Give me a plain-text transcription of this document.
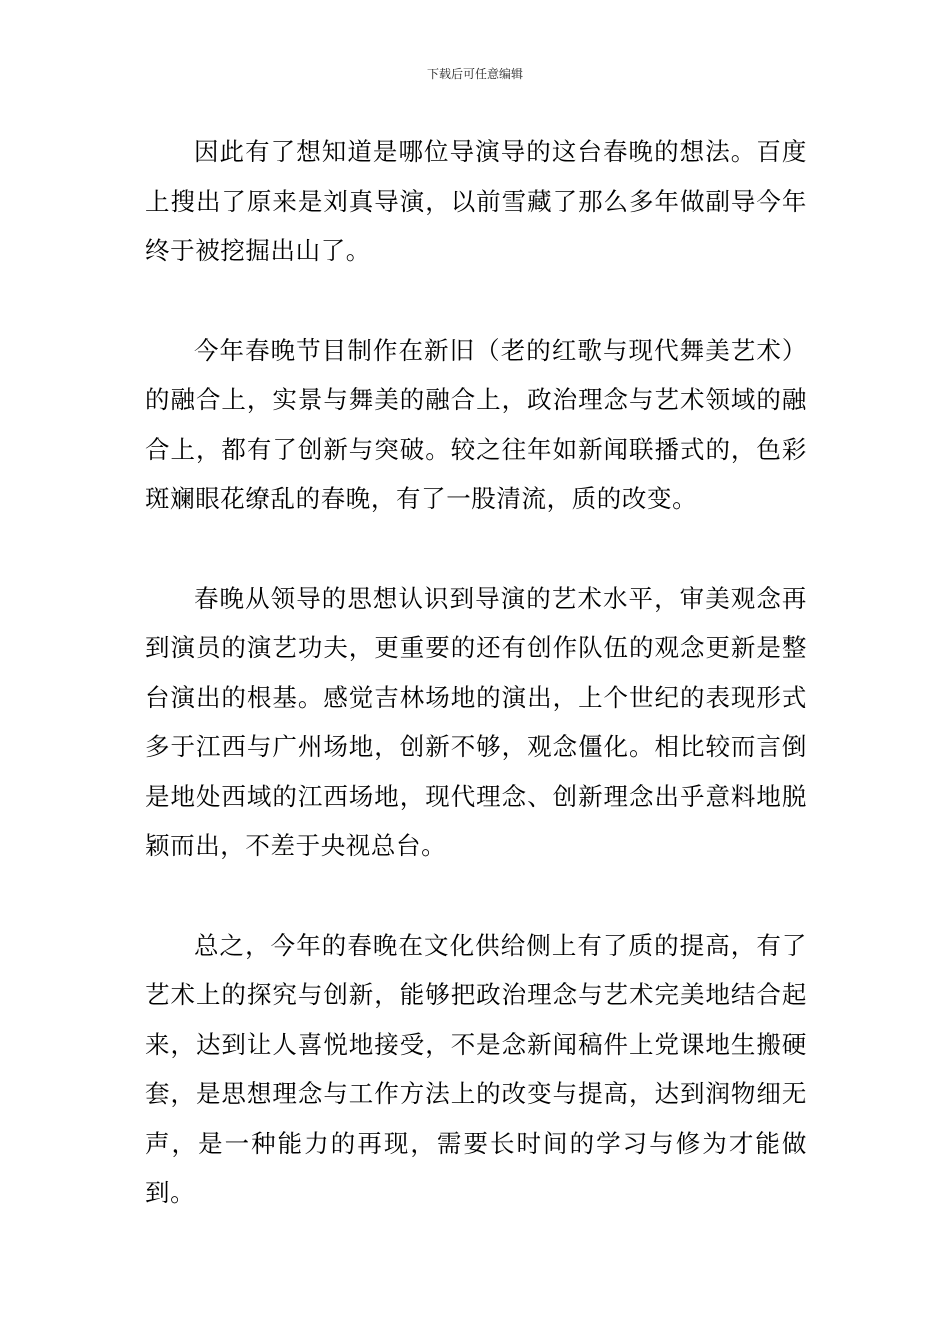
下载后可任意编辑

因此有了想知道是哪位导演导的这台春晚的想法。百度上搜出了原来是刘真导演，以前雪藏了那么多年做副导今年终于被挖掘出山了。

今年春晚节目制作在新旧（老的红歌与现代舞美艺术）的融合上，实景与舞美的融合上，政治理念与艺术领域的融合上，都有了创新与突破。较之往年如新闻联播式的，色彩斑斓眼花缭乱的春晚，有了一股清流，质的改变。

春晚从领导的思想认识到导演的艺术水平，审美观念再到演员的演艺功夫，更重要的还有创作队伍的观念更新是整台演出的根基。感觉吉林场地的演出，上个世纪的表现形式多于江西与广州场地，创新不够，观念僵化。相比较而言倒是地处西域的江西场地，现代理念、创新理念出乎意料地脱颖而出，不差于央视总台。

总之，今年的春晚在文化供给侧上有了质的提高，有了艺术上的探究与创新，能够把政治理念与艺术完美地结合起来，达到让人喜悦地接受，不是念新闻稿件上党课地生搬硬套，是思想理念与工作方法上的改变与提高，达到润物细无声，是一种能力的再现，需要长时间的学习与修为才能做到。
